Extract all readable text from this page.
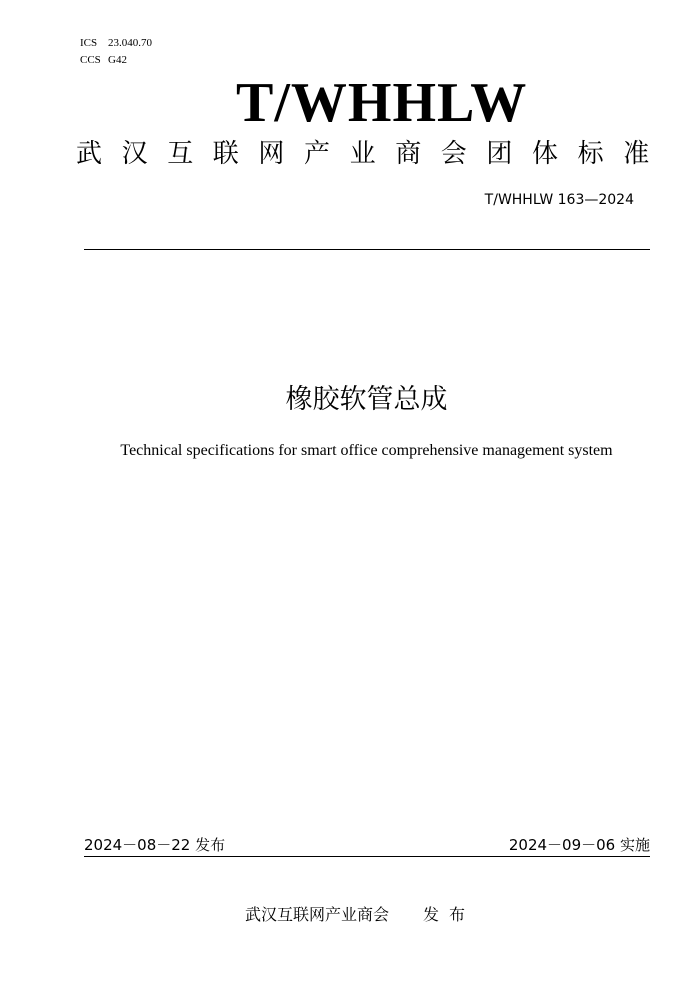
ICS 23.040.70
CCS G42
T/WHHLW
武汉互联网产业商会团体标准
T/WHHLW 163—2024
橡胶软管总成
Technical specifications for smart office comprehensive management system
2024－08－22 发布	2024－09－06 实施
武汉互联网产业商会 发布
